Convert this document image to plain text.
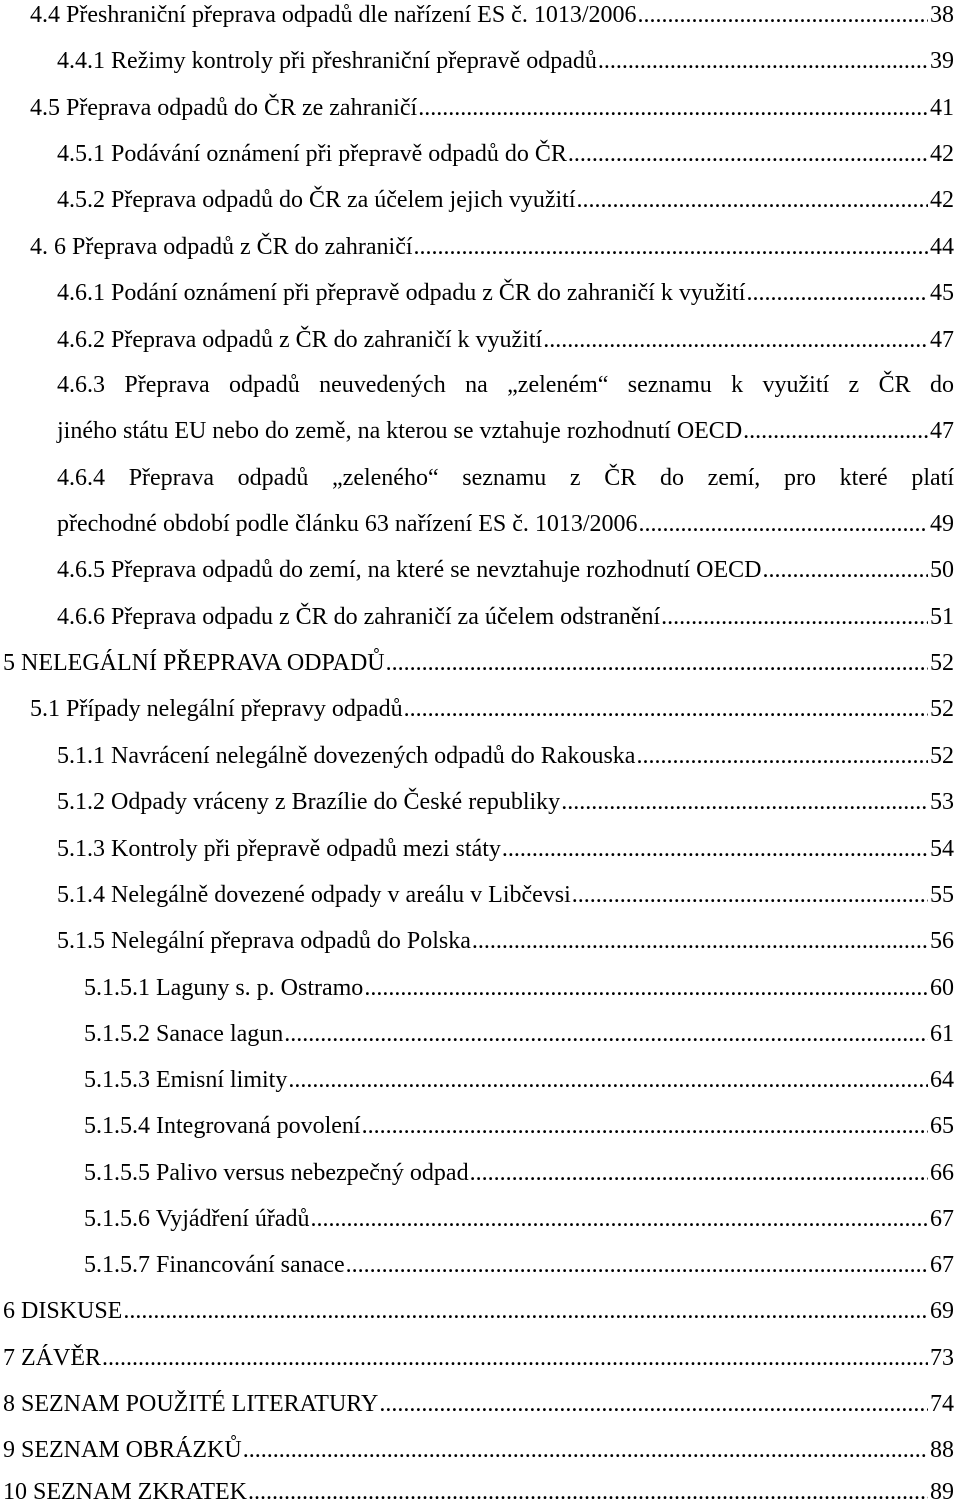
4.4 Přeshraniční přeprava odpadů dle nařízení ES č. 1013/2006 .....	38
4.4.1 Režimy kontroly při přeshraniční přepravě odpadů .....	39
4.5 Přeprava odpadů do ČR ze zahraničí .....	41
4.5.1 Podávání oznámení při přepravě odpadů do ČR .....	42
4.5.2 Přeprava odpadů do ČR za účelem jejich využití .....	42
4. 6 Přeprava odpadů z ČR do zahraničí .....	44
4.6.1 Podání oznámení při přepravě odpadu z ČR do zahraničí k využití .....	45
4.6.2 Přeprava odpadů z ČR do zahraničí k využití .....	47
4.6.3 Přeprava odpadů neuvedených na „zeleném“ seznamu k využití z ČR do
jiného státu EU nebo do země, na kterou se vztahuje rozhodnutí OECD .....	47
4.6.4 Přeprava odpadů „zeleného“ seznamu z ČR do zemí, pro které platí
přechodné období podle článku 63 nařízení ES č. 1013/2006 .....	49
4.6.5 Přeprava odpadů do zemí, na které se nevztahuje rozhodnutí OECD .....	50
4.6.6 Přeprava odpadu z ČR do zahraničí za účelem odstranění .....	51
5 NELEGÁLNÍ PŘEPRAVA ODPADŮ .....	52
5.1 Případy nelegální přepravy odpadů .....	52
5.1.1 Navrácení nelegálně dovezených odpadů do Rakouska .....	52
5.1.2 Odpady vráceny z Brazílie do České republiky .....	53
5.1.3 Kontroly při přepravě odpadů mezi státy .....	54
5.1.4 Nelegálně dovezené odpady v areálu v Libčevsi .....	55
5.1.5 Nelegální přeprava odpadů do Polska .....	56
5.1.5.1 Laguny s. p. Ostramo .....	60
5.1.5.2 Sanace lagun .....	61
5.1.5.3 Emisní limity .....	64
5.1.5.4 Integrovaná povolení .....	65
5.1.5.5 Palivo versus nebezpečný odpad .....	66
5.1.5.6 Vyjádření úřadů .....	67
5.1.5.7 Financování sanace .....	67
6 DISKUSE .....	69
7 ZÁVĚR .....	73
8 SEZNAM POUŽITÉ LITERATURY .....	74
9 SEZNAM OBRÁZKŮ .....	88
10 SEZNAM ZKRATEK .....	89
